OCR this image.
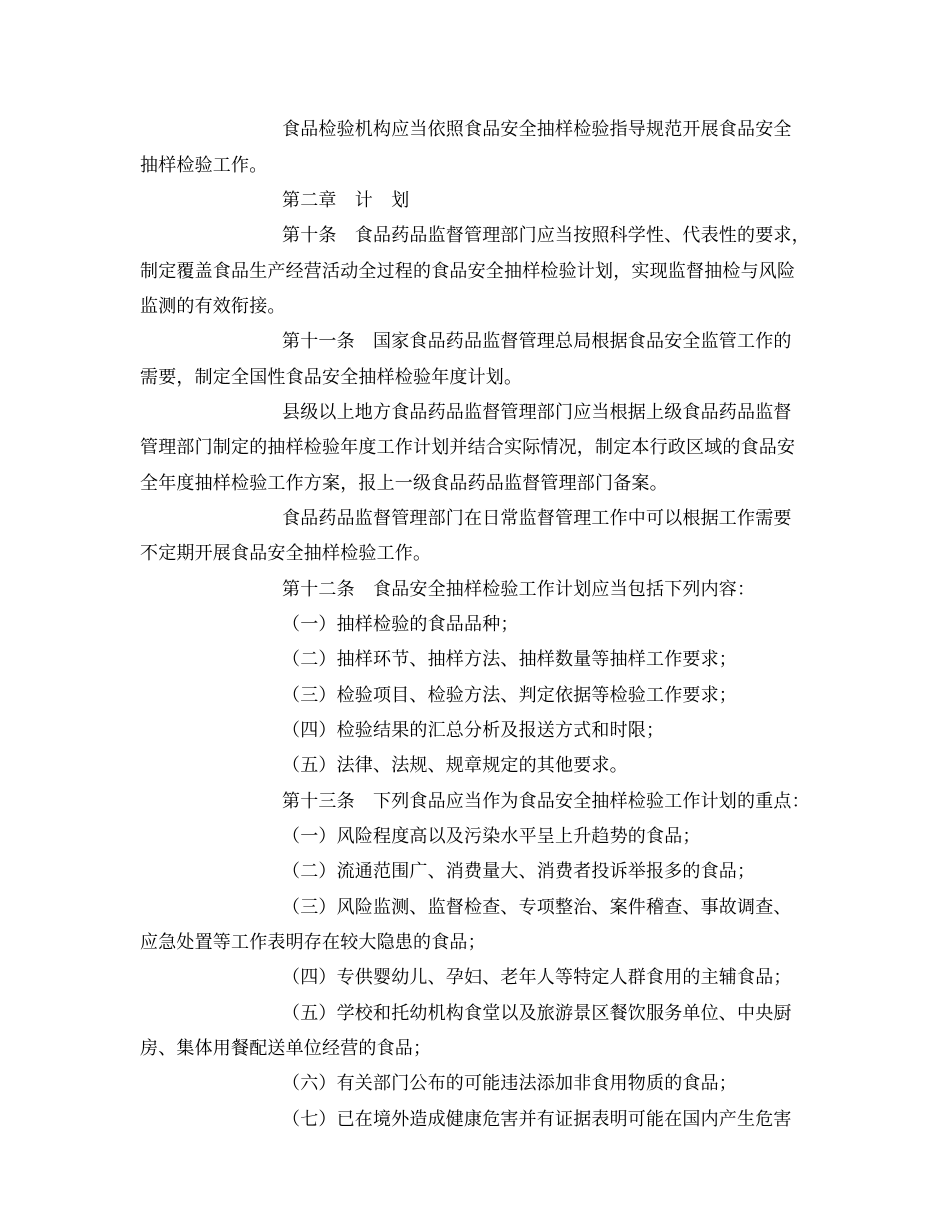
食品检验机构应当依照食品安全抽样检验指导规范开展食品安全
抽样检验工作。
第二章　计　划
第十条　食品药品监督管理部门应当按照科学性、代表性的要求，
制定覆盖食品生产经营活动全过程的食品安全抽样检验计划，实现监督抽检与风险
监测的有效衔接。
第十一条　国家食品药品监督管理总局根据食品安全监管工作的
需要，制定全国性食品安全抽样检验年度计划。
县级以上地方食品药品监督管理部门应当根据上级食品药品监督
管理部门制定的抽样检验年度工作计划并结合实际情况，制定本行政区域的食品安
全年度抽样检验工作方案，报上一级食品药品监督管理部门备案。
食品药品监督管理部门在日常监督管理工作中可以根据工作需要
不定期开展食品安全抽样检验工作。
第十二条　食品安全抽样检验工作计划应当包括下列内容：
（一）抽样检验的食品品种；
（二）抽样环节、抽样方法、抽样数量等抽样工作要求；
（三）检验项目、检验方法、判定依据等检验工作要求；
（四）检验结果的汇总分析及报送方式和时限；
（五）法律、法规、规章规定的其他要求。
第十三条　下列食品应当作为食品安全抽样检验工作计划的重点：
（一）风险程度高以及污染水平呈上升趋势的食品；
（二）流通范围广、消费量大、消费者投诉举报多的食品；
（三）风险监测、监督检查、专项整治、案件稽查、事故调查、
应急处置等工作表明存在较大隐患的食品；
（四）专供婴幼儿、孕妇、老年人等特定人群食用的主辅食品；
（五）学校和托幼机构食堂以及旅游景区餐饮服务单位、中央厨
房、集体用餐配送单位经营的食品；
（六）有关部门公布的可能违法添加非食用物质的食品；
（七）已在境外造成健康危害并有证据表明可能在国内产生危害
